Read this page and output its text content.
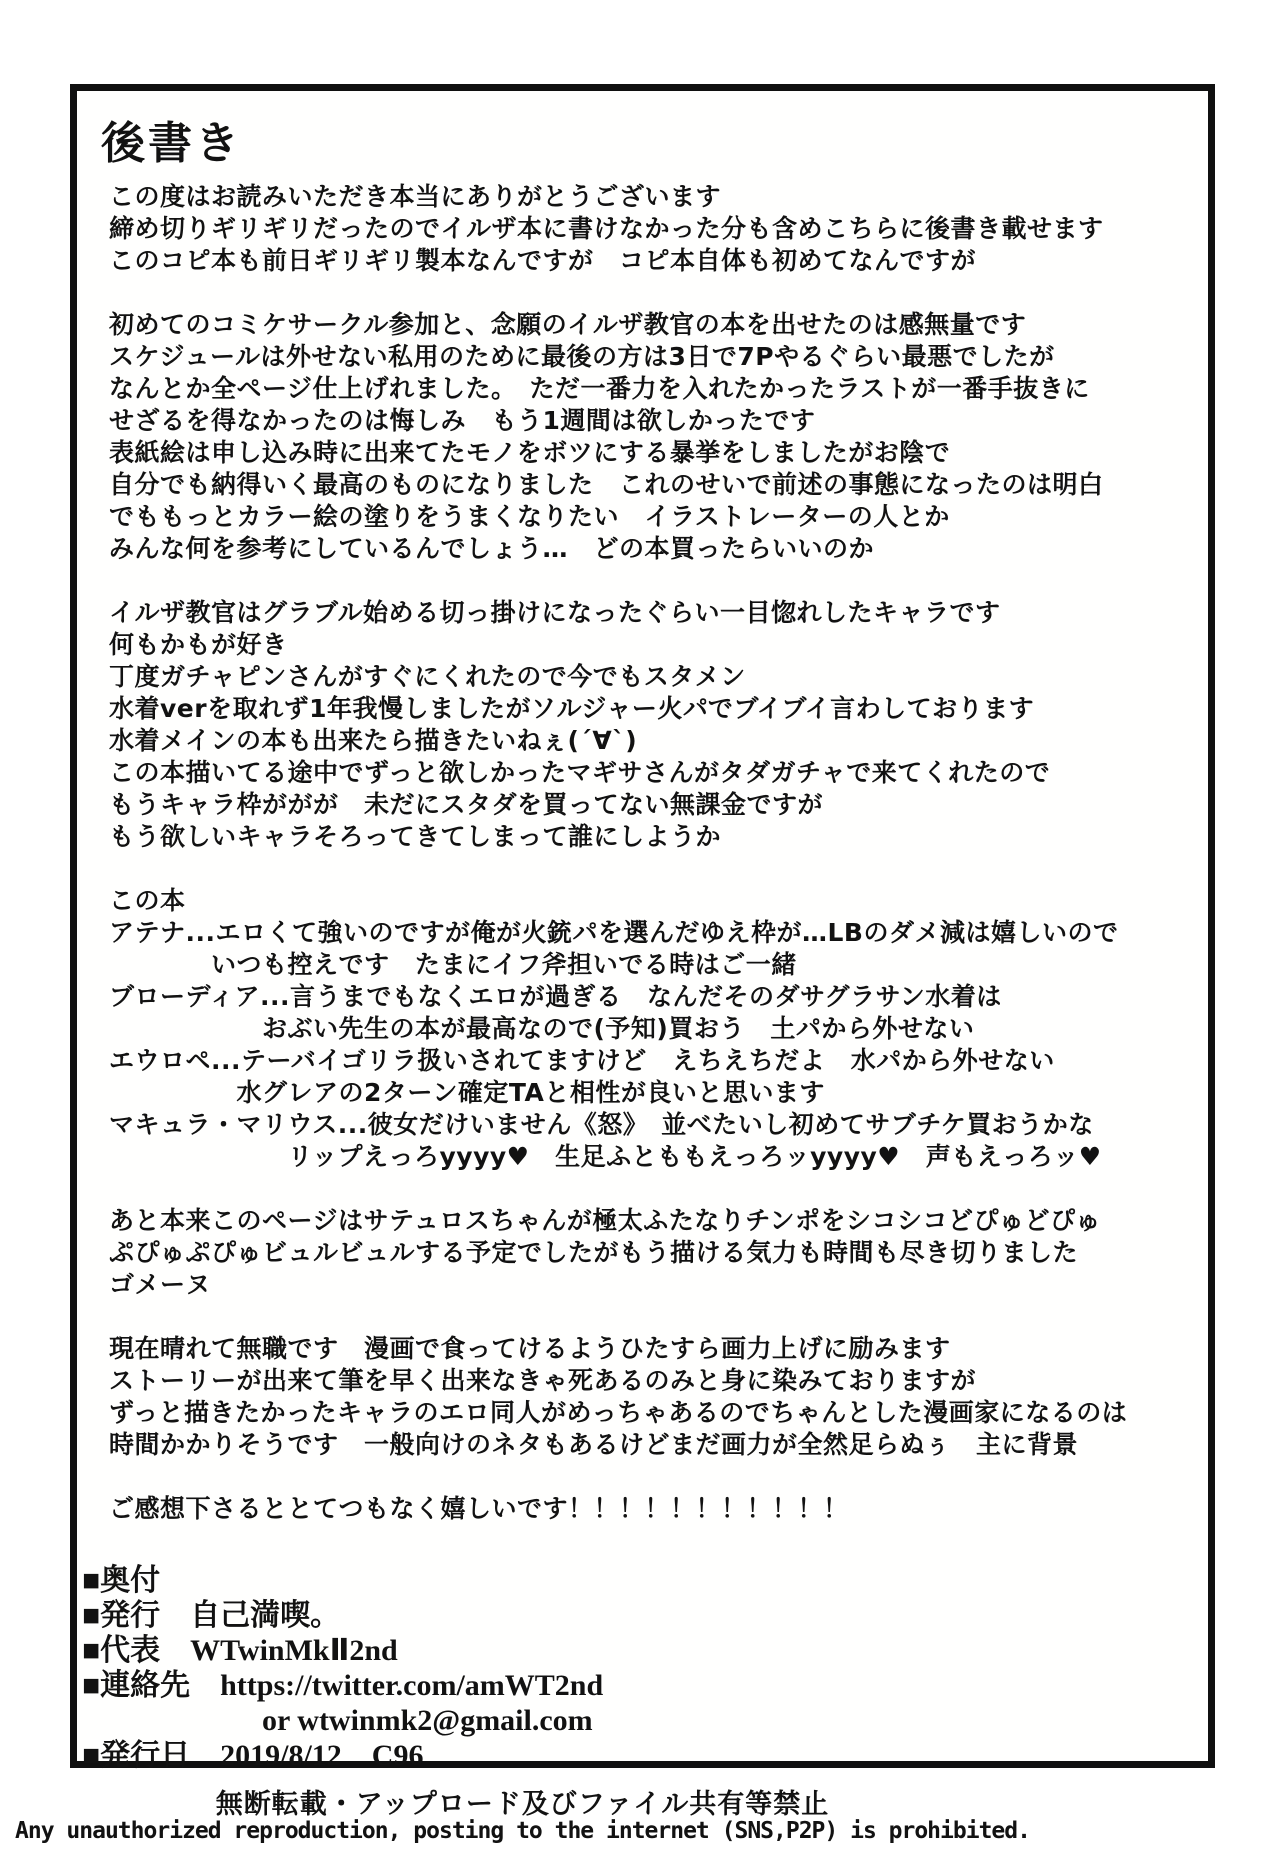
後書き
この度はお読みいただき本当にありがとうございます
締め切りギリギリだったのでイルザ本に書けなかった分も含めこちらに後書き載せます
このコピ本も前日ギリギリ製本なんですが　コピ本自体も初めてなんですが
初めてのコミケサークル参加と、念願のイルザ教官の本を出せたのは感無量です
スケジュールは外せない私用のために最後の方は3日で7Pやるぐらい最悪でしたが
なんとか全ページ仕上げれました。　ただ一番力を入れたかったラストが一番手抜きに
せざるを得なかったのは悔しみ　もう1週間は欲しかったです
表紙絵は申し込み時に出来てたモノをボツにする暴挙をしましたがお陰で
自分でも納得いく最高のものになりました　これのせいで前述の事態になったのは明白
でももっとカラー絵の塗りをうまくなりたい　イラストレーターの人とか
みんな何を参考にしているんでしょう…　どの本買ったらいいのか
イルザ教官はグラブル始める切っ掛けになったぐらい一目惚れしたキャラです
何もかもが好き
丁度ガチャピンさんがすぐにくれたので今でもスタメン
水着verを取れず1年我慢しましたがソルジャー火パでブイブイ言わしております
水着メインの本も出来たら描きたいねぇ(´∀`)
この本描いてる途中でずっと欲しかったマギサさんがタダガチャで来てくれたので
もうキャラ枠ががが　未だにスタダを買ってない無課金ですが
もう欲しいキャラそろってきてしまって誰にしようか
この本
アテナ...エロくて強いのですが俺が火銃パを選んだゆえ枠が…LBのダメ減は嬉しいので
　　　　いつも控えです　たまにイフ斧担いでる時はご一緒
ブローディア...言うまでもなくエロが過ぎる　なんだそのダサグラサン水着は
　　　　　　おぶい先生の本が最高なので(予知)買おう　土パから外せない
エウロペ...テーバイゴリラ扱いされてますけど　えちえちだよ　水パから外せない
　　　　　水グレアの2ターン確定TAと相性が良いと思います
マキュラ・マリウス...彼女だけいません《怒》　並べたいし初めてサブチケ買おうかな
　　　　　　　リップえっろyyyy♥　生足ふとももえっろッyyyy♥　声もえっろッ♥
あと本来このページはサテュロスちゃんが極太ふたなりチンポをシコシコどぴゅどぴゅ
ぷぴゅぷぴゅビュルビュルする予定でしたがもう描ける気力も時間も尽き切りました
ゴメーヌ
現在晴れて無職です　漫画で食ってけるようひたすら画力上げに励みます
ストーリーが出来て筆を早く出来なきゃ死あるのみと身に染みておりますが
ずっと描きたかったキャラのエロ同人がめっちゃあるのでちゃんとした漫画家になるのは
時間かかりそうです　一般向けのネタもあるけどまだ画力が全然足らぬぅ　主に背景
ご感想下さるととてつもなく嬉しいです！！！！！！！！！！！
■奥付
■発行　自己満喫。
■代表　WTwinMkⅡ2nd
■連絡先　https://twitter.com/amWT2nd
　　　　　　or wtwinmk2@gmail.com
■発行日　2019/8/12　C96
無断転載・アップロード及びファイル共有等禁止
Any unauthorized reproduction, posting to the internet (SNS,P2P) is prohibited.
